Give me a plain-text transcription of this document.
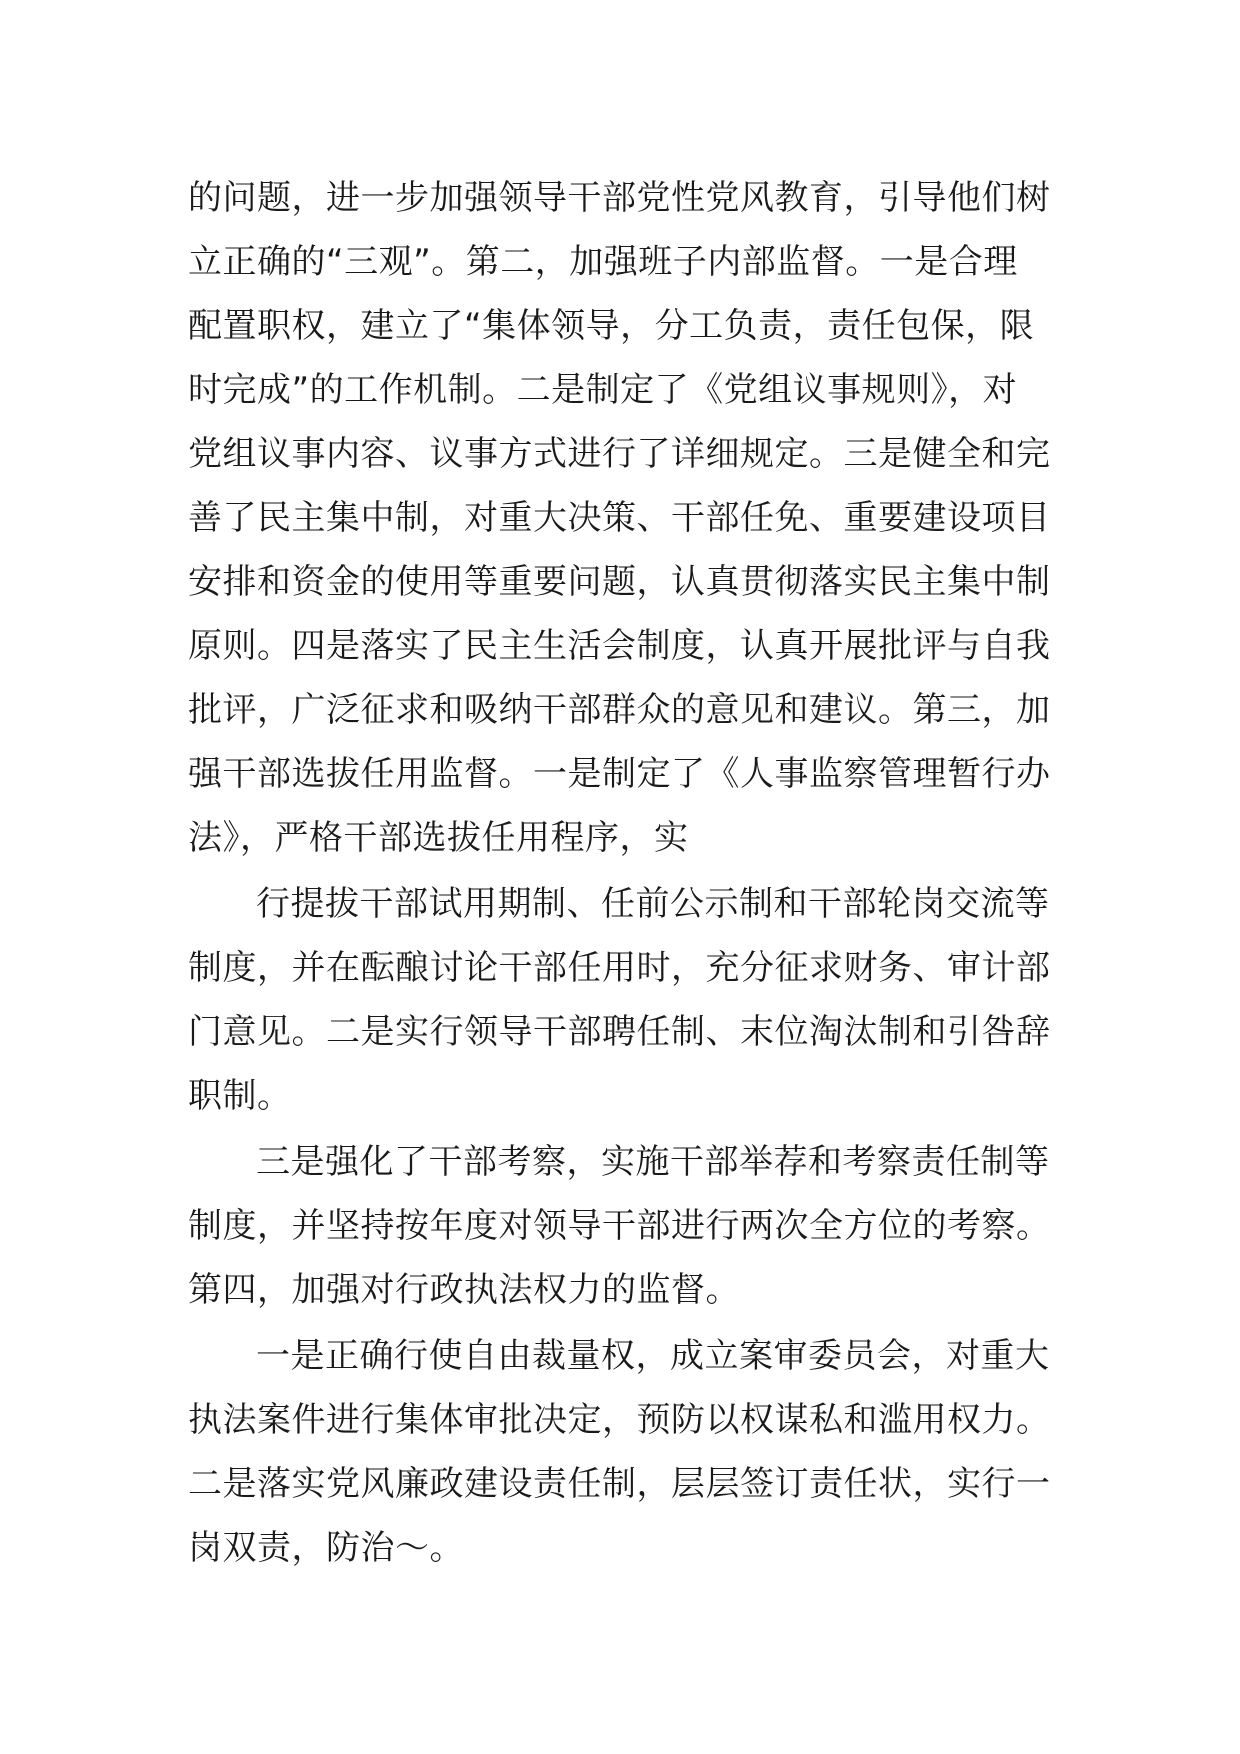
的问题，进一步加强领导干部党性党风教育，引导他们树
立正确的“三观”。第二，加强班子内部监督。一是合理
配置职权，建立了“集体领导，分工负责，责任包保，限
时完成”的工作机制。二是制定了《党组议事规则》，对
党组议事内容、议事方式进行了详细规定。三是健全和完
善了民主集中制，对重大决策、干部任免、重要建设项目
安排和资金的使用等重要问题，认真贯彻落实民主集中制
原则。四是落实了民主生活会制度，认真开展批评与自我
批评，广泛征求和吸纳干部群众的意见和建议。第三，加
强干部选拔任用监督。一是制定了《人事监察管理暂行办
法》，严格干部选拔任用程序，实
行提拔干部试用期制、任前公示制和干部轮岗交流等
制度，并在酝酿讨论干部任用时，充分征求财务、审计部
门意见。二是实行领导干部聘任制、末位淘汰制和引咎辞
职制。
三是强化了干部考察，实施干部举荐和考察责任制等
制度，并坚持按年度对领导干部进行两次全方位的考察。
第四，加强对行政执法权力的监督。
一是正确行使自由裁量权，成立案审委员会，对重大
执法案件进行集体审批决定，预防以权谋私和滥用权力。
二是落实党风廉政建设责任制，层层签订责任状，实行一
岗双责，防治～。
